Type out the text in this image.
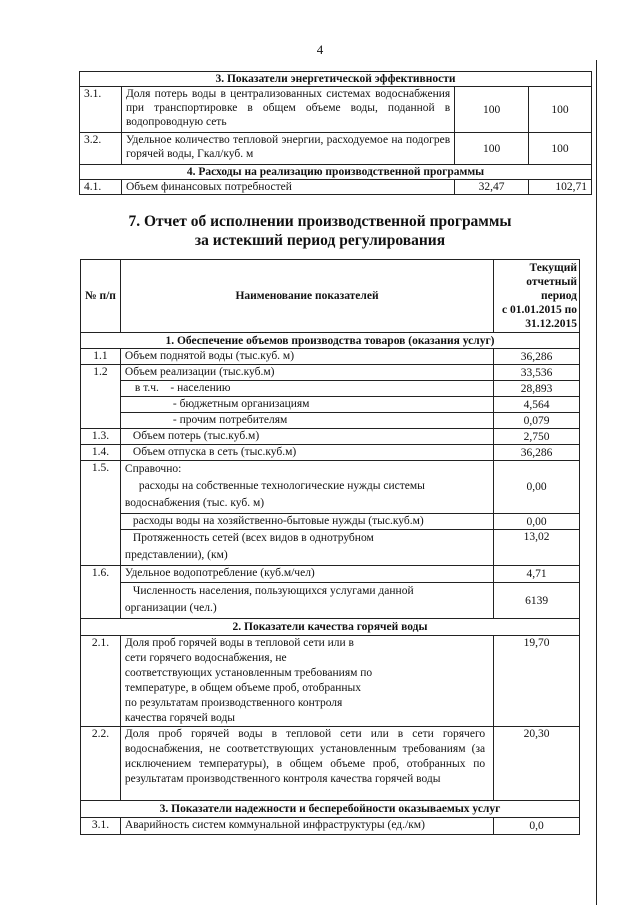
4
3. Показатели энергетической эффективности			
3.1.	Доля потерь воды в централизованных системах водоснабжения при транспортировке в общем объеме воды, поданной в водопроводную сеть	100	100
3.2.	Удельное количество тепловой энергии, расходуемое на подогрев горячей воды, Гкал/куб. м	100	100
4. Расходы на реализацию производственной программы			
4.1.	Объем финансовых потребностей	32,47	102,71
7. Отчет об исполнении производственной программы
за истекший период регулирования
№ п/п	Наименование показателей	Текущий
отчетный период
с 01.01.2015 по
31.12.2015

1. Обеспечение объемов производства товаров (оказания услуг)		
1.1	Объем поднятой воды (тыс.куб. м)	36,286
1.2	Объем реализации (тыс.куб.м)	33,536
	в т.ч. - населению	28,893
	- бюджетным организациям	4,564
	- прочим потребителям	0,079
1.3.	Объем потерь (тыс.куб.м)	2,750
1.4.	Объем отпуска в сеть (тыс.куб.м)	36,286
1.5.	Справочно:
расходы на собственные технологические нужды системы
водоснабжения (тыс. куб. м)	0,00
	расходы воды на хозяйственно-бытовые нужды (тыс.куб.м)	0,00

	Протяженность сетей (всех видов в однотрубном
представлении), (км)	13,02
1.6.	Удельное водопотребление (куб.м/чел)	4,71

	Численность населения, пользующихся услугами данной
организации (чел.)	6139
2. Показатели качества горячей воды		
2.1.	Доля проб горячей воды в тепловой сети или в сети горячего водоснабжения, не соответствующих установленным требованиям по температуре, в общем объеме проб, отобранных по результатам производственного контроля качества горячей воды	19,70
2.2.	Доля проб горячей воды в тепловой сети или в сети горячего водоснабжения, не соответствующих установленным требованиям (за исключением температуры), в общем объеме проб, отобранных по результатам производственного контроля качества горячей воды	20,30
3. Показатели надежности и бесперебойности оказываемых услуг		
3.1.	Аварийность систем коммунальной инфраструктуры (ед./км)	0,0
